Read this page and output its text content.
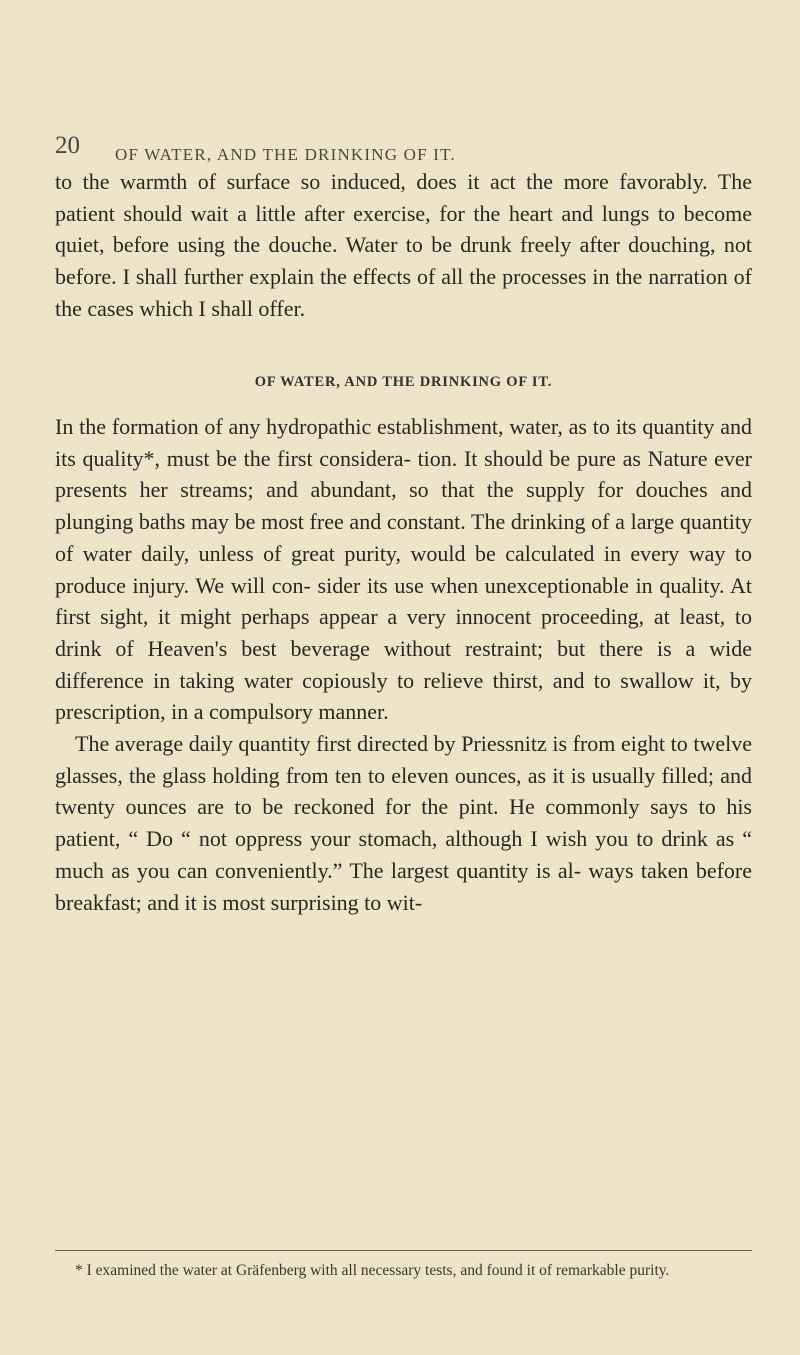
20 OF WATER, AND THE DRINKING OF IT.

to the warmth of surface so induced, does it act the more favorably. The patient should wait a little after exercise, for the heart and lungs to become quiet, before using the douche. Water to be drunk freely after douching, not before. I shall further explain the effects of all the processes in the narration of the cases which I shall offer.

OF WATER, AND THE DRINKING OF IT.

In the formation of any hydropathic establishment, water, as to its quantity and its quality*, must be the first considera- tion. It should be pure as Nature ever presents her streams; and abundant, so that the supply for douches and plunging baths may be most free and constant. The drinking of a large quantity of water daily, unless of great purity, would be calculated in every way to produce injury. We will con- sider its use when unexceptionable in quality. At first sight, it might perhaps appear a very innocent proceeding, at least, to drink of Heaven's best beverage without restraint; but there is a wide difference in taking water copiously to relieve thirst, and to swallow it, by prescription, in a compulsory manner.

The average daily quantity first directed by Priessnitz is from eight to twelve glasses, the glass holding from ten to eleven ounces, as it is usually filled; and twenty ounces are to be reckoned for the pint. He commonly says to his patient, “ Do “ not oppress your stomach, although I wish you to drink as “ much as you can conveniently.” The largest quantity is al- ways taken before breakfast; and it is most surprising to wit-

* I examined the water at Gräfenberg with all necessary tests, and found it of remarkable purity.
